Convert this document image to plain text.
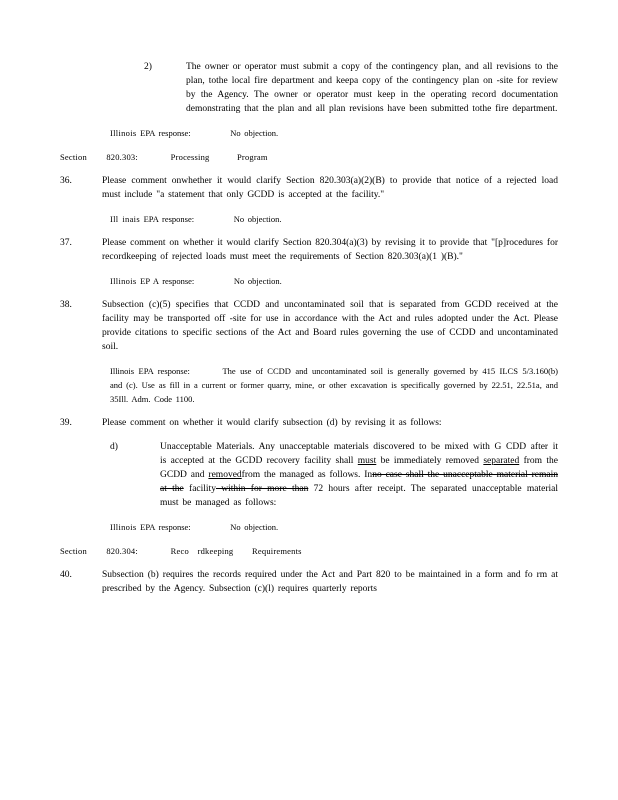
2)	The owner or operator must submit a copy of the contingency plan, and all revisions to the plan, tothe local fire department and keepa copy of the contingency plan on -site for review by the Agency. The owner or operator must keep in the operating record documentation demonstrating that the plan and all plan revisions have been submitted tothe fire department.
Illinois EPA response:	No objection.
Section 820.303:	Processing	Program
36.	Please comment onwhether it would clarify Section 820.303(a)(2)(B) to provide that notice of a rejected load must include "a statement that only GCDD is accepted at the facility."
Ill inais EPA response:	No objection.
37.	Please comment on whether it would clarify Section 820.304(a)(3) by revising it to provide that "[p]rocedures for recordkeeping of rejected loads must meet the requirements of Section 820.303(a)(1 )(B)."
Illinois EP A response:	No objection.
38.	Subsection (c)(5) specifies that CCDD and uncontaminated soil that is separated from GCDD received at the facility may be transported off -site for use in accordance with the Act and rules adopted under the Act. Please provide citations to specific sections of the Act and Board rules governing the use of CCDD and uncontaminated soil.
Illinois EPA response:	The use of CCDD and uncontaminated soil is generally governed by 415 ILCS 5/3.160(b) and (c). Use as fill in a current or former quarry, mine, or other excavation is specifically governed by 22.51, 22.51a, and 35Ill. Adm. Code 1100.
39.	Please comment on whether it would clarify subsection (d) by revising it as follows:
d)	Unacceptable Materials. Any unacceptable materials discovered to be mixed with G CDD after it is accepted at the GCDD recovery facility shall must be immediately removed separated from the GCDD and removedfrom the managed as follows. Inno case shall the unacceptable material remain at the facility within for more than 72 hours after receipt. The separated unacceptable material must be managed as follows:
Illinois EPA response:	No objection.
Section 820.304:	Reco rdkeeping Requirements
40.	Subsection (b) requires the records required under the Act and Part 820 to be maintained in a form and fo rm at prescribed by the Agency. Subsection (c)(l) requires quarterly reports
